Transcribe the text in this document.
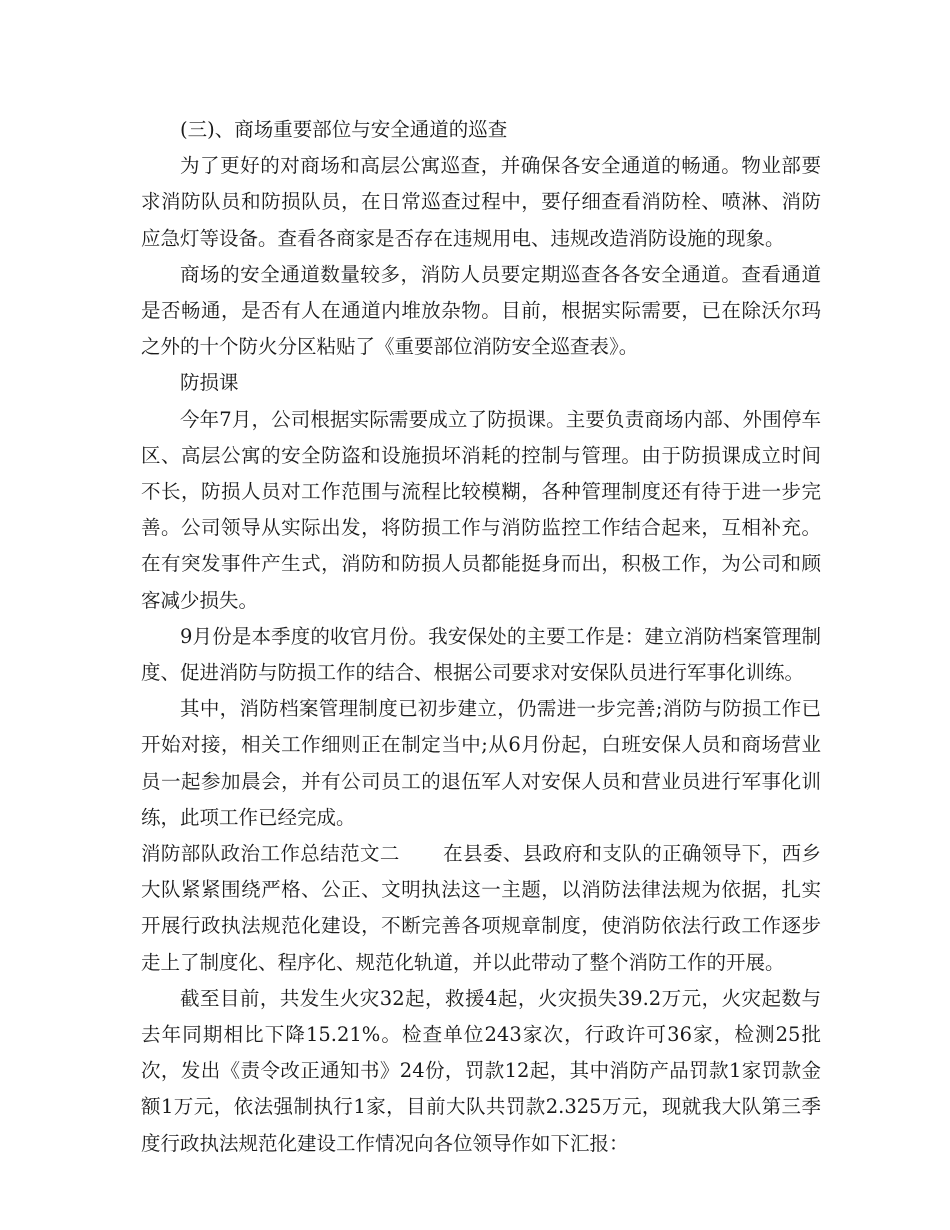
(三)、商场重要部位与安全通道的巡查

为了更好的对商场和高层公寓巡查，并确保各安全通道的畅通。物业部要求消防队员和防损队员，在日常巡查过程中，要仔细查看消防栓、喷淋、消防应急灯等设备。查看各商家是否存在违规用电、违规改造消防设施的现象。

商场的安全通道数量较多，消防人员要定期巡查各各安全通道。查看通道是否畅通，是否有人在通道内堆放杂物。目前，根据实际需要，已在除沃尔玛之外的十个防火分区粘贴了《重要部位消防安全巡查表》。

防损课

今年7月，公司根据实际需要成立了防损课。主要负责商场内部、外围停车区、高层公寓的安全防盗和设施损坏消耗的控制与管理。由于防损课成立时间不长，防损人员对工作范围与流程比较模糊，各种管理制度还有待于进一步完善。公司领导从实际出发，将防损工作与消防监控工作结合起来，互相补充。在有突发事件产生式，消防和防损人员都能挺身而出，积极工作，为公司和顾客减少损失。

9月份是本季度的收官月份。我安保处的主要工作是：建立消防档案管理制度、促进消防与防损工作的结合、根据公司要求对安保队员进行军事化训练。

其中，消防档案管理制度已初步建立，仍需进一步完善;消防与防损工作已开始对接，相关工作细则正在制定当中;从6月份起，白班安保人员和商场营业员一起参加晨会，并有公司员工的退伍军人对安保人员和营业员进行军事化训练，此项工作已经完成。

消防部队政治工作总结范文二 在县委、县政府和支队的正确领导下，西乡大队紧紧围绕严格、公正、文明执法这一主题，以消防法律法规为依据，扎实开展行政执法规范化建设，不断完善各项规章制度，使消防依法行政工作逐步走上了制度化、程序化、规范化轨道，并以此带动了整个消防工作的开展。

截至目前，共发生火灾32起，救援4起，火灾损失39.2万元，火灾起数与去年同期相比下降15.21%。检查单位243家次，行政许可36家，检测25批次，发出《责令改正通知书》24份，罚款12起，其中消防产品罚款1家罚款金额1万元，依法强制执行1家，目前大队共罚款2.325万元，现就我大队第三季度行政执法规范化建设工作情况向各位领导作如下汇报：
